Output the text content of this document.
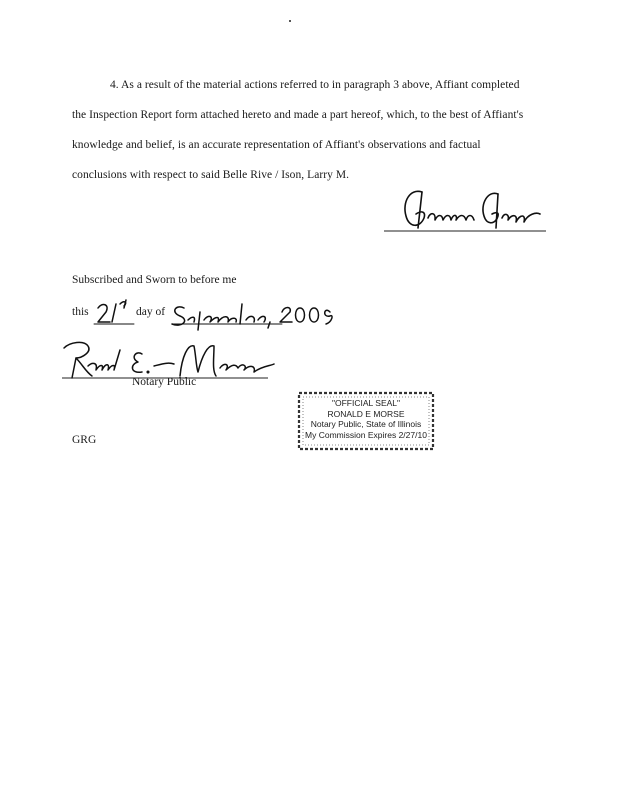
4. As a result of the material actions referred to in paragraph 3 above, Affiant completed
the Inspection Report form attached hereto and made a part hereof, which, to the best of Affiant's
knowledge and belief, is an accurate representation of Affiant's observations and factual
conclusions with respect to said Belle Rive / Ison, Larry M.
Subscribed and Sworn to before me
this	day of
Notary Public
"OFFICIAL SEAL"
RONALD E MORSE
Notary Public, State of Illinois
My Commission Expires 2/27/10
GRG
